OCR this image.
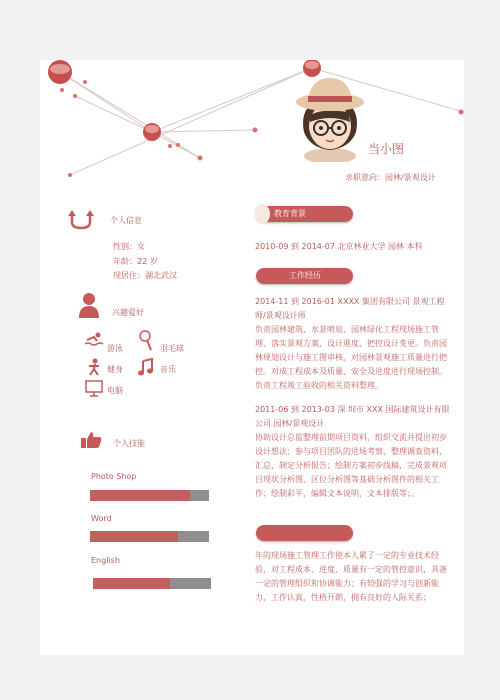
当小图
求职意向：园林/景观设计
个人信息
性别：女
年龄：22 岁
现居住：湖北武汉
兴趣爱好
游泳	羽毛球
健身	音乐
电脑
个人技能
Photo Shop
Word
English
教育背景
2010-09 到 2014-07 北京林业大学 园林 本科
工作经历
2014-11 到 2016-01 XXXX 集团有限公司 景观工程师/景观设计师
负责园林建筑、水景喷泉、园林绿化工程现场施工管理、落实景观方案，设计進度、把控设计变更。负责园林规划设计与施工图审核，对园林景观施工质量进行把控。对成工程成本及质量、安全及进度进行现场控制。负责工程竣工验收的相关资料整理。
2011-06 到 2013-03 深 圳市 XXX 国际建筑设计有限公司 园林/景观设计
协助设计总监整理前期项目资料，组织交流并提出初步设计想法；参与项目团队的进场考察，整理调查资料，汇总，制定分析报告；绘制方案初步线稿，完成景观项目现状分析图、区位分析图等基础分析图件的相关工作；绘制彩平，编辑文本说明，文本排版等；。
年的现场施工管理工作使本人累了一定的专业技术经验，对工程成本、进度、质量有一定的管控意识，具备一定的管理组织和协调能力；有较强的学习与创新能力，工作认真，性格开朗，拥有良好的人际关系；
